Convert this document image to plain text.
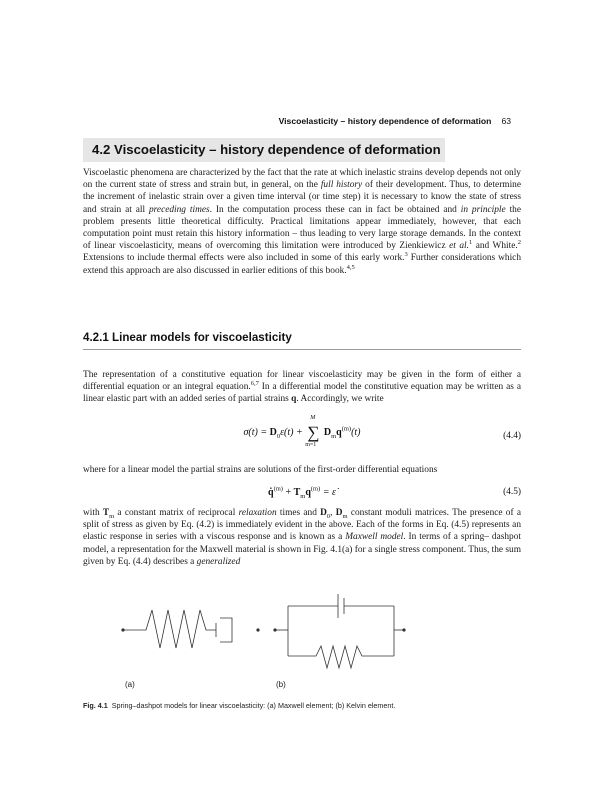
Viscoelasticity – history dependence of deformation 63
4.2 Viscoelasticity – history dependence of deformation

Viscoelastic phenomena are characterized by the fact that the rate at which inelastic strains develop depends not only on the current state of stress and strain but, in general, on the full history of their development. Thus, to determine the increment of inelastic strain over a given time interval (or time step) it is necessary to know the state of stress and strain at all preceding times. In the computation process these can in fact be obtained and in principle the problem presents little theoretical difficulty. Practical limitations appear immediately, however, that each computation point must retain this history information – thus leading to very large storage demands. In the context of linear viscoelasticity, means of overcoming this limitation were introduced by Zienkiewicz et al.$^1$ and White.$^2$ Extensions to include thermal effects were also included in some of this early work.$^3$ Further considerations which extend this approach are also discussed in earlier editions of this book.$^{4,5}$

4.2.1 Linear models for viscoelasticity

The representation of a constitutive equation for linear viscoelasticity may be given in the form of either a differential equation or an integral equation.$^{6,7}$ In a differential model the constitutive equation may be written as a linear elastic part with an added series of partial strains q. Accordingly, we write

$\sigma(t) = D_0\varepsilon(t)$ + ∑
M
m=1
$D_mq^{(m)}(t)$	(4.4)

where for a linear model the partial strains are solutions of the first-order differential equations

q̇$^{(m)}$ + $T_mq^{(m)}$ = ε̇	(4.5)

with $T_m$ a constant matrix of reciprocal relaxation times and $D_0$, $D_m$ constant moduli matrices. The presence of a split of stress as given by Eq. (4.2) is immediately evident in the above. Each of the forms in Eq. (4.5) represents an elastic response in series with a viscous response and is known as a Maxwell model. In terms of a spring– dashpot model, a representation for the Maxwell material is shown in Fig. 4.1(a) for a single stress component. Thus, the sum given by Eq. (4.4) describes a generalized

(a)	(b)
Fig. 4.1 Spring–dashpot models for linear viscoelasticity: (a) Maxwell element; (b) Kelvin element.
